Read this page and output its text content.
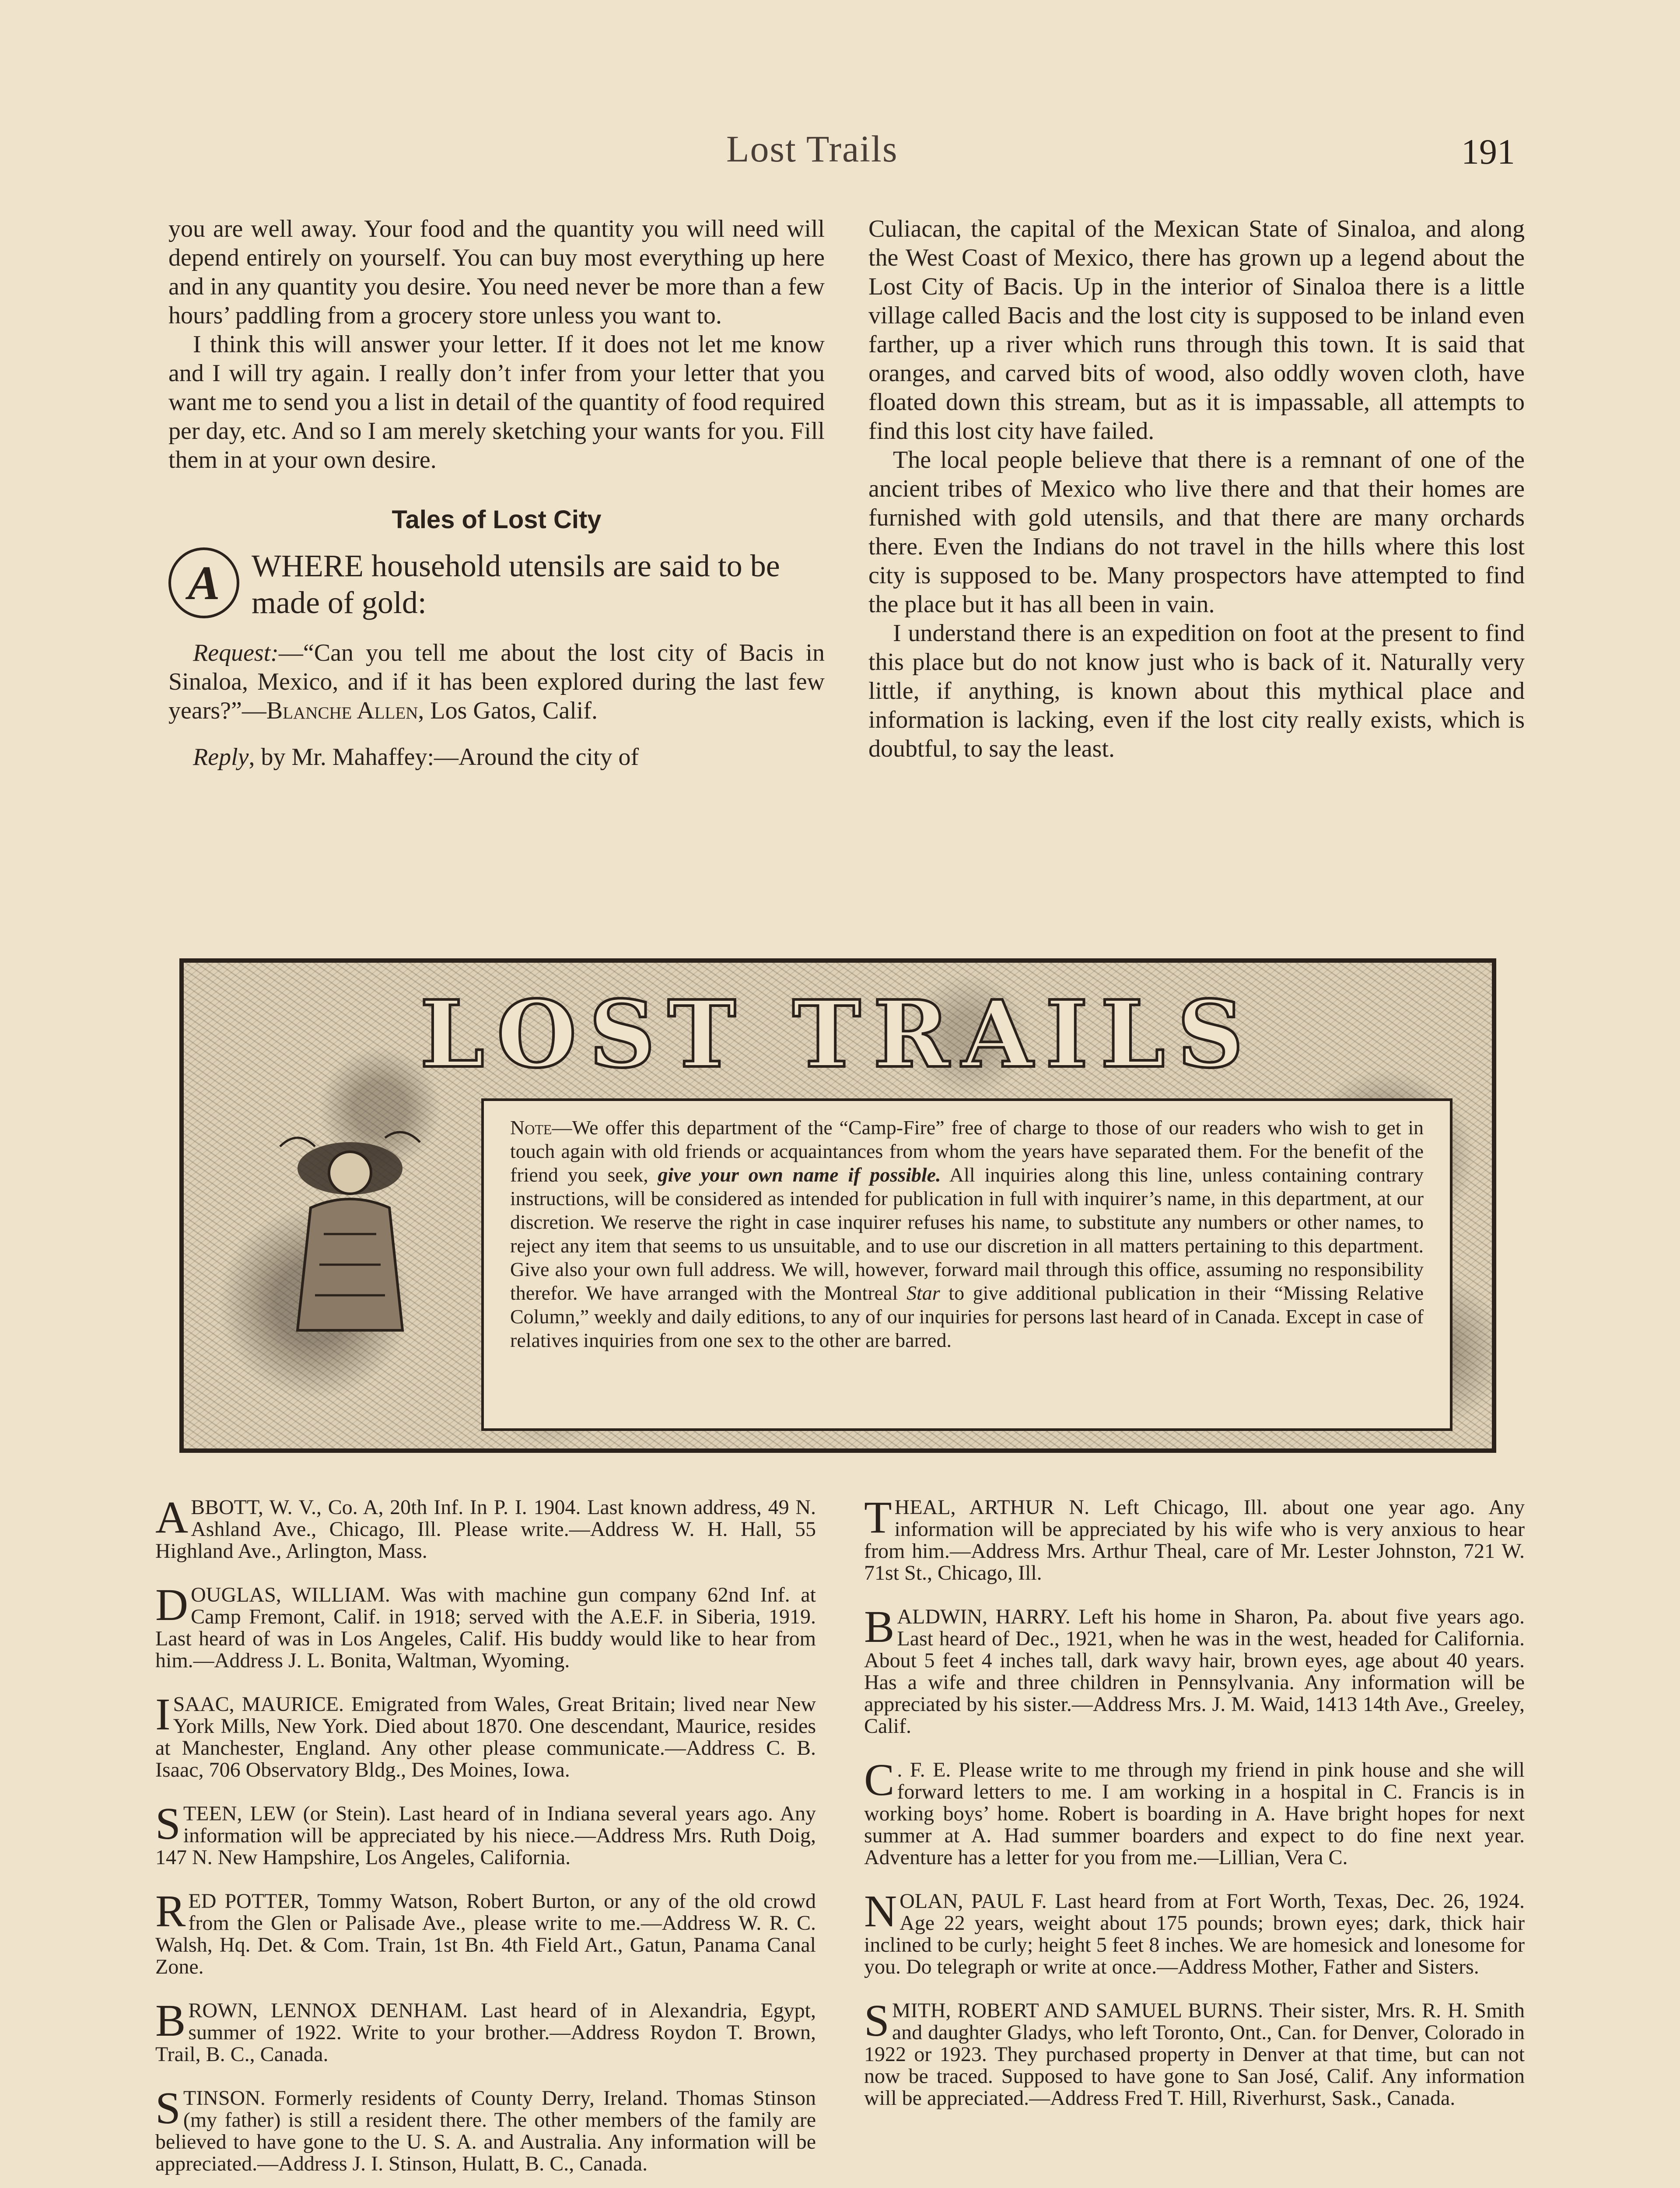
Lost Trails	191

you are well away. Your food and the quantity you will need will depend entirely on yourself. You can buy most everything up here and in any quantity you desire. You need never be more than a few hours’ paddling from a grocery store unless you want to.

I think this will answer your letter. If it does not let me know and I will try again. I really don’t infer from your letter that you want me to send you a list in detail of the quantity of food required per day, etc. And so I am merely sketching your wants for you. Fill them in at your own desire.

Tales of Lost City
A	WHERE household utensils are said to be made of gold:

Request:—“Can you tell me about the lost city of Bacis in Sinaloa, Mexico, and if it has been explored during the last few years?”—Blanche Allen, Los Gatos, Calif.

Reply, by Mr. Mahaffey:—Around the city of

Culiacan, the capital of the Mexican State of Sinaloa, and along the West Coast of Mexico, there has grown up a legend about the Lost City of Bacis. Up in the interior of Sinaloa there is a little village called Bacis and the lost city is supposed to be inland even farther, up a river which runs through this town. It is said that oranges, and carved bits of wood, also oddly woven cloth, have floated down this stream, but as it is impassable, all attempts to find this lost city have failed.

The local people believe that there is a remnant of one of the ancient tribes of Mexico who live there and that their homes are furnished with gold utensils, and that there are many orchards there. Even the Indians do not travel in the hills where this lost city is supposed to be. Many prospectors have attempted to find the place but it has all been in vain.

I understand there is an expedition on foot at the present to find this place but do not know just who is back of it. Naturally very little, if anything, is known about this mythical place and information is lacking, even if the lost city really exists, which is doubtful, to say the least.

LOST TRAILS

Note—We offer this department of the “Camp-Fire” free of charge to those of our readers who wish to get in touch again with old friends or acquaintances from whom the years have separated them. For the benefit of the friend you seek, give your own name if possible. All inquiries along this line, unless containing contrary instructions, will be considered as intended for publication in full with inquirer’s name, in this department, at our discretion. We reserve the right in case inquirer refuses his name, to substitute any numbers or other names, to reject any item that seems to us unsuitable, and to use our discretion in all matters pertaining to this department. Give also your own full address. We will, however, forward mail through this office, assuming no responsibility therefor. We have arranged with the Montreal Star to give additional publication in their “Missing Relative Column,” weekly and daily editions, to any of our inquiries for persons last heard of in Canada. Except in case of relatives inquiries from one sex to the other are barred.

ABBOTT, W. V., Co. A, 20th Inf. In P. I. 1904. Last known address, 49 N. Ashland Ave., Chicago, Ill. Please write.—Address W. H. Hall, 55 Highland Ave., Arlington, Mass.

DOUGLAS, WILLIAM. Was with machine gun company 62nd Inf. at Camp Fremont, Calif. in 1918; served with the A.E.F. in Siberia, 1919. Last heard of was in Los Angeles, Calif. His buddy would like to hear from him.—Address J. L. Bonita, Waltman, Wyoming.

ISAAC, MAURICE. Emigrated from Wales, Great Britain; lived near New York Mills, New York. Died about 1870. One descendant, Maurice, resides at Manchester, England. Any other please communicate.—Address C. B. Isaac, 706 Observatory Bldg., Des Moines, Iowa.

STEEN, LEW (or Stein). Last heard of in Indiana several years ago. Any information will be appreciated by his niece.—Address Mrs. Ruth Doig, 147 N. New Hampshire, Los Angeles, California.

RED POTTER, Tommy Watson, Robert Burton, or any of the old crowd from the Glen or Palisade Ave., please write to me.—Address W. R. C. Walsh, Hq. Det. & Com. Train, 1st Bn. 4th Field Art., Gatun, Panama Canal Zone.

BROWN, LENNOX DENHAM. Last heard of in Alexandria, Egypt, summer of 1922. Write to your brother.—Address Roydon T. Brown, Trail, B. C., Canada.

STINSON. Formerly residents of County Derry, Ireland. Thomas Stinson (my father) is still a resident there. The other members of the family are believed to have gone to the U. S. A. and Australia. Any information will be appreciated.—Address J. I. Stinson, Hulatt, B. C., Canada.

THEAL, ARTHUR N. Left Chicago, Ill. about one year ago. Any information will be appreciated by his wife who is very anxious to hear from him.—Address Mrs. Arthur Theal, care of Mr. Lester Johnston, 721 W. 71st St., Chicago, Ill.

BALDWIN, HARRY. Left his home in Sharon, Pa. about five years ago. Last heard of Dec., 1921, when he was in the west, headed for California. About 5 feet 4 inches tall, dark wavy hair, brown eyes, age about 40 years. Has a wife and three children in Pennsylvania. Any information will be appreciated by his sister.—Address Mrs. J. M. Waid, 1413 14th Ave., Greeley, Calif.

C . F. E. Please write to me through my friend in pink house and she will forward letters to me. I am working in a hospital in C. Francis is in working boys’ home. Robert is boarding in A. Have bright hopes for next summer at A. Had summer boarders and expect to do fine next year. Adventure has a letter for you from me.—Lillian, Vera C.

NOLAN, PAUL F. Last heard from at Fort Worth, Texas, Dec. 26, 1924. Age 22 years, weight about 175 pounds; brown eyes; dark, thick hair inclined to be curly; height 5 feet 8 inches. We are homesick and lonesome for you. Do telegraph or write at once.—Address Mother, Father and Sisters.

SMITH, ROBERT AND SAMUEL BURNS. Their sister, Mrs. R. H. Smith and daughter Gladys, who left Toronto, Ont., Can. for Denver, Colorado in 1922 or 1923. They purchased property in Denver at that time, but can not now be traced. Supposed to have gone to San José, Calif. Any information will be appreciated.—Address Fred T. Hill, Riverhurst, Sask., Canada.
